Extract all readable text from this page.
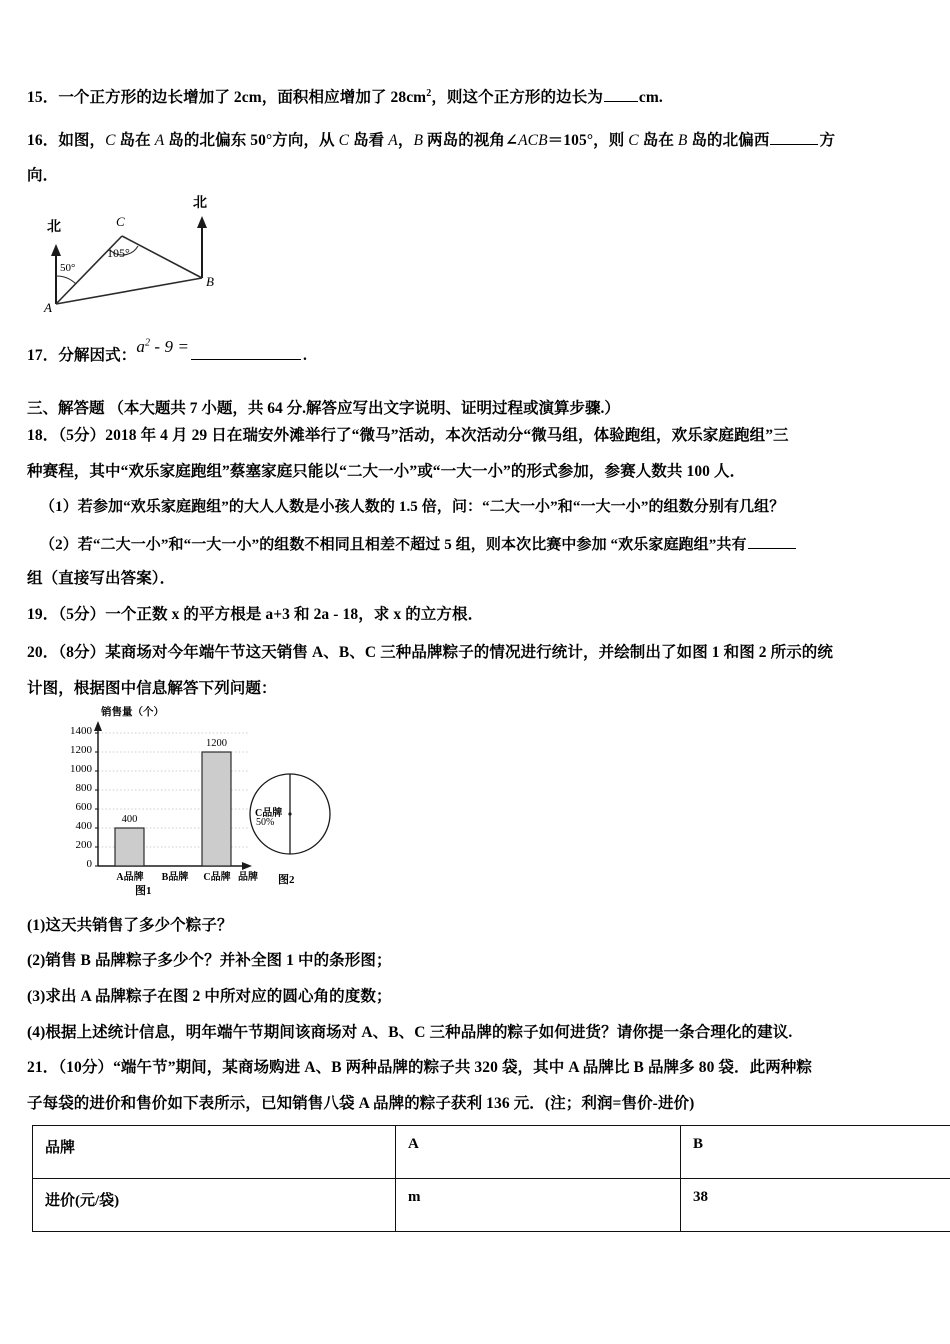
15．一个正方形的边长增加了 2cm，面积相应增加了 $28cm^2$，则这个正方形的边长为 cm.
16．如图，C 岛在 A 岛的北偏东 50°方向，从 C 岛看 A，B 两岛的视角∠ACB＝105°，则 C 岛在 B 岛的北偏西	方
向．
北
北
A
B
C
50°
105°
17．分解因式：$a^2 - 9$ =	.
三、解答题 （本大题共 7 小题，共 64 分.解答应写出文字说明、证明过程或演算步骤.）
18．（5分）2018 年 4 月 29 日在瑞安外滩举行了“微马”活动，本次活动分“微马组，体验跑组，欢乐家庭跑组”三
种赛程，其中“欢乐家庭跑组”蔡塞家庭只能以“二大一小”或“一大一小”的形式参加，参赛人数共 100 人．
（1）若参加“欢乐家庭跑组”的大人人数是小孩人数的 1.5 倍，问：“二大一小”和“一大一小”的组数分别有几组？
（2）若“二大一小”和“一大一小”的组数不相同且相差不超过 5 组，则本次比赛中参加 “欢乐家庭跑组”共有
组（直接写出答案）．
19．（5分）一个正数 x 的平方根是 a+3 和 2a - 18，求 x 的立方根．
20．（8分）某商场对今年端午节这天销售 A、B、C 三种品牌粽子的情况进行统计，并绘制出了如图 1 和图 2 所示的统
计图，根据图中信息解答下列问题：
销售量（个）
品牌
1400
1200
1000
800
600
400
200
0
400
1200
A品牌	B品牌	C品牌
图1
C品牌
50%
图2
(1)这天共销售了多少个粽子？
(2)销售 B 品牌粽子多少个？并补全图 1 中的条形图；
(3)求出 A 品牌粽子在图 2 中所对应的圆心角的度数；
(4)根据上述统计信息，明年端午节期间该商场对 A、B、C 三种品牌的粽子如何进货？请你提一条合理化的建议.
21．（10分）“端午节”期间，某商场购进 A、B 两种品牌的粽子共 320 袋，其中 A 品牌比 B 品牌多 80 袋．此两种粽
子每袋的进价和售价如下表所示，已知销售八袋 A 品牌的粽子获利 136 元．(注；利润=售价-进价)
品牌	A	B
进价(元/袋)	m	38
